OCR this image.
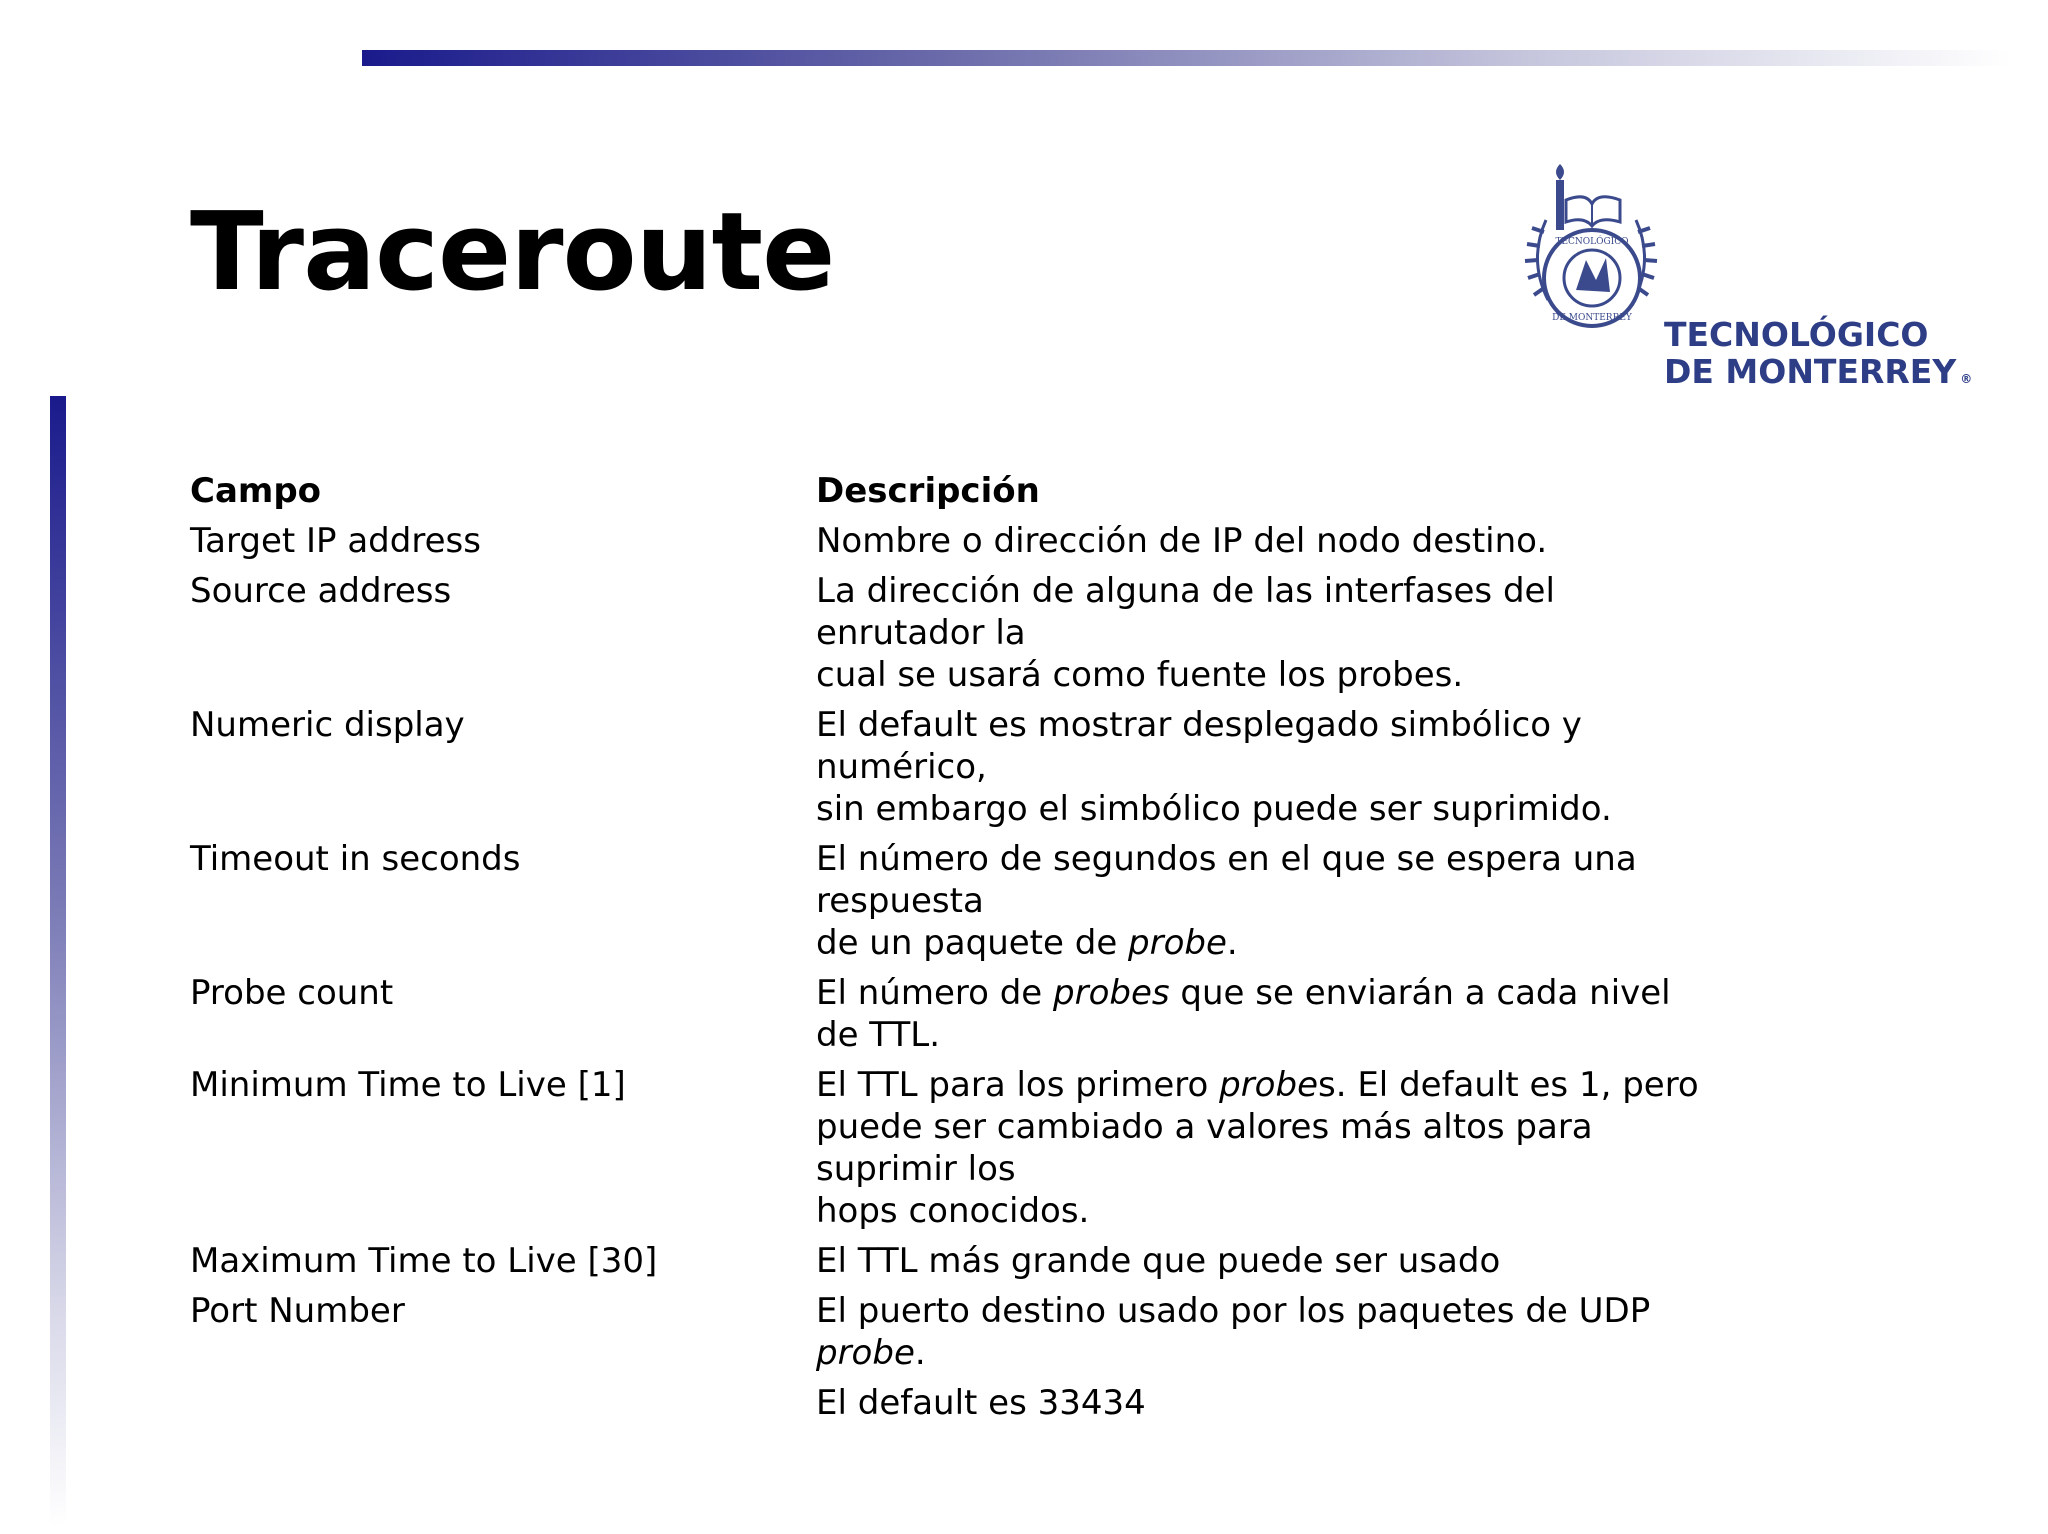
Traceroute	TECNOLÓGICO
DE MONTERREY

TECNOLÓGICO
DE MONTERREY ®

Campo	Descripción
Target IP address	Nombre o dirección de IP del nodo destino.
Source address	La dirección de alguna de las interfases del enrutador la
cual se usará como fuente los probes.
Numeric display	El default es mostrar desplegado simbólico y numérico,
sin embargo el simbólico puede ser suprimido.
Timeout in seconds	El número de segundos en el que se espera una respuesta
de un paquete de probe.
Probe count	El número de probes que se enviarán a cada nivel de TTL.
Minimum Time to Live [1]	El TTL para los primero probes. El default es 1, pero
puede ser cambiado a valores más altos para suprimir los
hops conocidos.
Maximum Time to Live [30]	El TTL más grande que puede ser usado
Port Number	El puerto destino usado por los paquetes de UDP probe.
El default es 33434
